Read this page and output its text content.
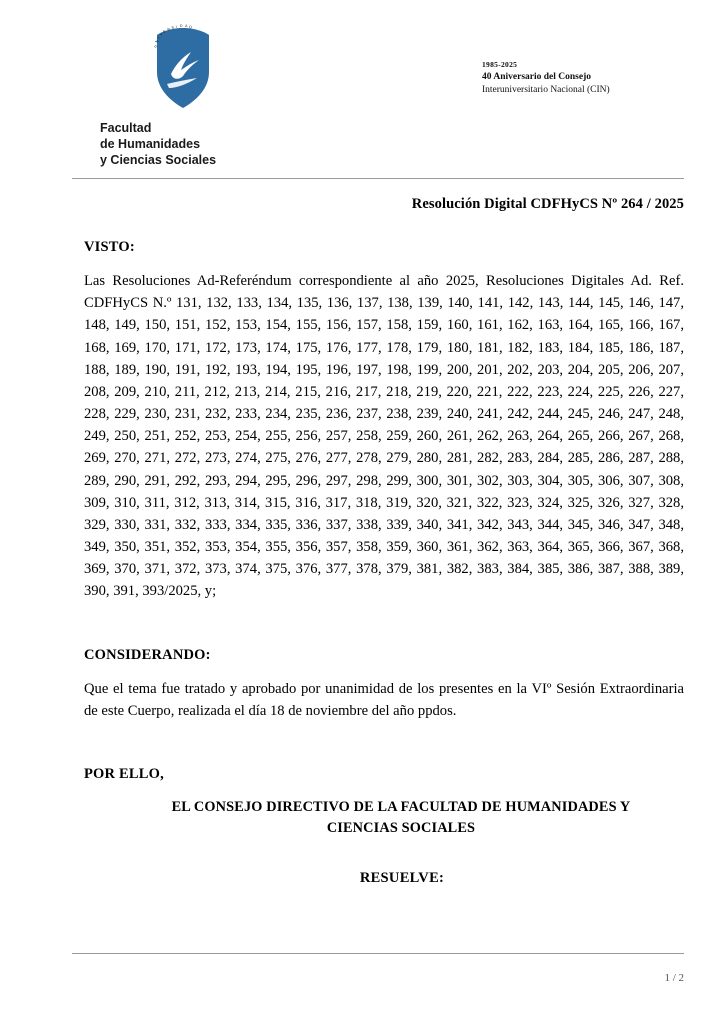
U
N
I
V
E R S I D A D
Facultad
de Humanidades
y Ciencias Sociales
1985-2025
40 Aniversario del Consejo
Interuniversitario Nacional (CIN)
Resolución Digital CDFHyCS Nº 264 / 2025
VISTO:
Las Resoluciones Ad-Referéndum correspondiente al año 2025, Resoluciones Digitales Ad. Ref. CDFHyCS N.º 131, 132, 133, 134, 135, 136, 137, 138, 139, 140, 141, 142, 143, 144, 145, 146, 147, 148, 149, 150, 151, 152, 153, 154, 155, 156, 157, 158, 159, 160, 161, 162, 163, 164, 165, 166, 167, 168, 169, 170, 171, 172, 173, 174, 175, 176, 177, 178, 179, 180, 181, 182, 183, 184, 185, 186, 187, 188, 189, 190, 191, 192, 193, 194, 195, 196, 197, 198, 199, 200, 201, 202, 203, 204, 205, 206, 207, 208, 209, 210, 211, 212, 213, 214, 215, 216, 217, 218, 219, 220, 221, 222, 223, 224, 225, 226, 227, 228, 229, 230, 231, 232, 233, 234, 235, 236, 237, 238, 239, 240, 241, 242, 244, 245, 246, 247, 248, 249, 250, 251, 252, 253, 254, 255, 256, 257, 258, 259, 260, 261, 262, 263, 264, 265, 266, 267, 268, 269, 270, 271, 272, 273, 274, 275, 276, 277, 278, 279, 280, 281, 282, 283, 284, 285, 286, 287, 288, 289, 290, 291, 292, 293, 294, 295, 296, 297, 298, 299, 300, 301, 302, 303, 304, 305, 306, 307, 308, 309, 310, 311, 312, 313, 314, 315, 316, 317, 318, 319, 320, 321, 322, 323, 324, 325, 326, 327, 328, 329, 330, 331, 332, 333, 334, 335, 336, 337, 338, 339, 340, 341, 342, 343, 344, 345, 346, 347, 348, 349, 350, 351, 352, 353, 354, 355, 356, 357, 358, 359, 360, 361, 362, 363, 364, 365, 366, 367, 368, 369, 370, 371, 372, 373, 374, 375, 376, 377, 378, 379, 381, 382, 383, 384, 385, 386, 387, 388, 389, 390, 391, 393/2025, y;
CONSIDERANDO:
Que el tema fue tratado y aprobado por unanimidad de los presentes en la VIº Sesión Extraordinaria de este Cuerpo, realizada el día 18 de noviembre del año ppdos.
POR ELLO,
EL CONSEJO DIRECTIVO DE LA FACULTAD DE HUMANIDADES Y CIENCIAS SOCIALES
RESUELVE:
1 / 2
